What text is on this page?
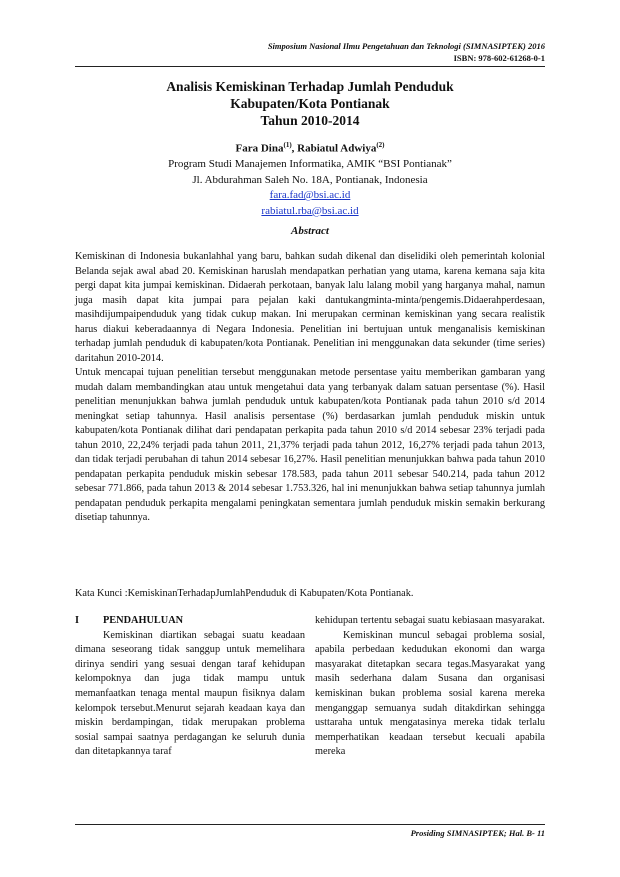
Simposium Nasional Ilmu Pengetahuan dan Teknologi (SIMNASIPTEK) 2016
ISBN: 978-602-61268-0-1
Analisis Kemiskinan Terhadap Jumlah Penduduk
Kabupaten/Kota Pontianak
Tahun 2010-2014
Fara Dina$^{(1)}$, Rabiatul Adwiya$^{(2)}$
Program Studi Manajemen Informatika, AMIK “BSI Pontianak”
Jl. Abdurahman Saleh No. 18A, Pontianak, Indonesia
fara.fad@bsi.ac.id
rabiatul.rba@bsi.ac.id
Abstract

Kemiskinan di Indonesia bukanlahhal yang baru, bahkan sudah dikenal dan diselidiki oleh pemerintah kolonial Belanda sejak awal abad 20. Kemiskinan haruslah mendapatkan perhatian yang utama, karena kemana saja kita pergi dapat kita jumpai kemiskinan. Didaerah perkotaan, banyak lalu lalang mobil yang harganya mahal, namun juga masih dapat kita jumpai para pejalan kaki dantukangminta-minta/pengemis.Didaerahperdesaan, masihdijumpaipenduduk yang tidak cukup makan. Ini merupakan cerminan kemiskinan yang secara realistik harus diakui keberadaannya di Negara Indonesia. Penelitian ini bertujuan untuk menganalisis kemiskinan terhadap jumlah penduduk di kabupaten/kota Pontianak. Penelitian ini menggunakan data sekunder (time series) daritahun 2010-2014.

Untuk mencapai tujuan penelitian tersebut menggunakan metode persentase yaitu memberikan gambaran yang mudah dalam membandingkan atau untuk mengetahui data yang terbanyak dalam satuan persentase (%). Hasil penelitian menunjukkan bahwa jumlah penduduk untuk kabupaten/kota Pontianak pada tahun 2010 s/d 2014 meningkat setiap tahunnya. Hasil analisis persentase (%) berdasarkan jumlah penduduk miskin untuk kabupaten/kota Pontianak dilihat dari pendapatan perkapita pada tahun 2010 s/d 2014 sebesar 23% terjadi pada tahun 2010, 22,24% terjadi pada tahun 2011, 21,37% terjadi pada tahun 2012, 16,27% terjadi pada tahun 2013, dan tidak terjadi perubahan di tahun 2014 sebesar 16,27%. Hasil penelitian menunjukkan bahwa pada tahun 2010 pendapatan perkapita penduduk miskin sebesar 178.583, pada tahun 2011 sebesar 540.214, pada tahun 2012 sebesar 771.866, pada tahun 2013 & 2014 sebesar 1.753.326, hal ini menunjukkan bahwa setiap tahunnya jumlah pendapatan penduduk perkapita mengalami peningkatan sementara jumlah penduduk miskin semakin berkurang disetiap tahunnya.

Kata Kunci :KemiskinanTerhadapJumlahPenduduk di Kabupaten/Kota Pontianak.
I	PENDAHULUAN

Kemiskinan diartikan sebagai suatu keadaan dimana seseorang tidak sanggup untuk memelihara dirinya sendiri yang sesuai dengan taraf kehidupan kelompoknya dan juga tidak mampu untuk memanfaatkan tenaga mental maupun fisiknya dalam kelompok tersebut.Menurut sejarah keadaan kaya dan miskin berdampingan, tidak merupakan problema sosial sampai saatnya perdagangan ke seluruh dunia dan ditetapkannya taraf

kehidupan tertentu sebagai suatu kebiasaan masyarakat.

Kemiskinan muncul sebagai problema sosial, apabila perbedaan kedudukan ekonomi dan warga masyarakat ditetapkan secara tegas.Masyarakat yang masih sederhana dalam Susana dan organisasi kemiskinan bukan problema sosial karena mereka menganggap semuanya sudah ditakdirkan sehingga usttaraha untuk mengatasinya mereka tidak terlalu memperhatikan keadaan tersebut kecuali apabila mereka

Prosiding SIMNASIPTEK; Hal. B- 11
